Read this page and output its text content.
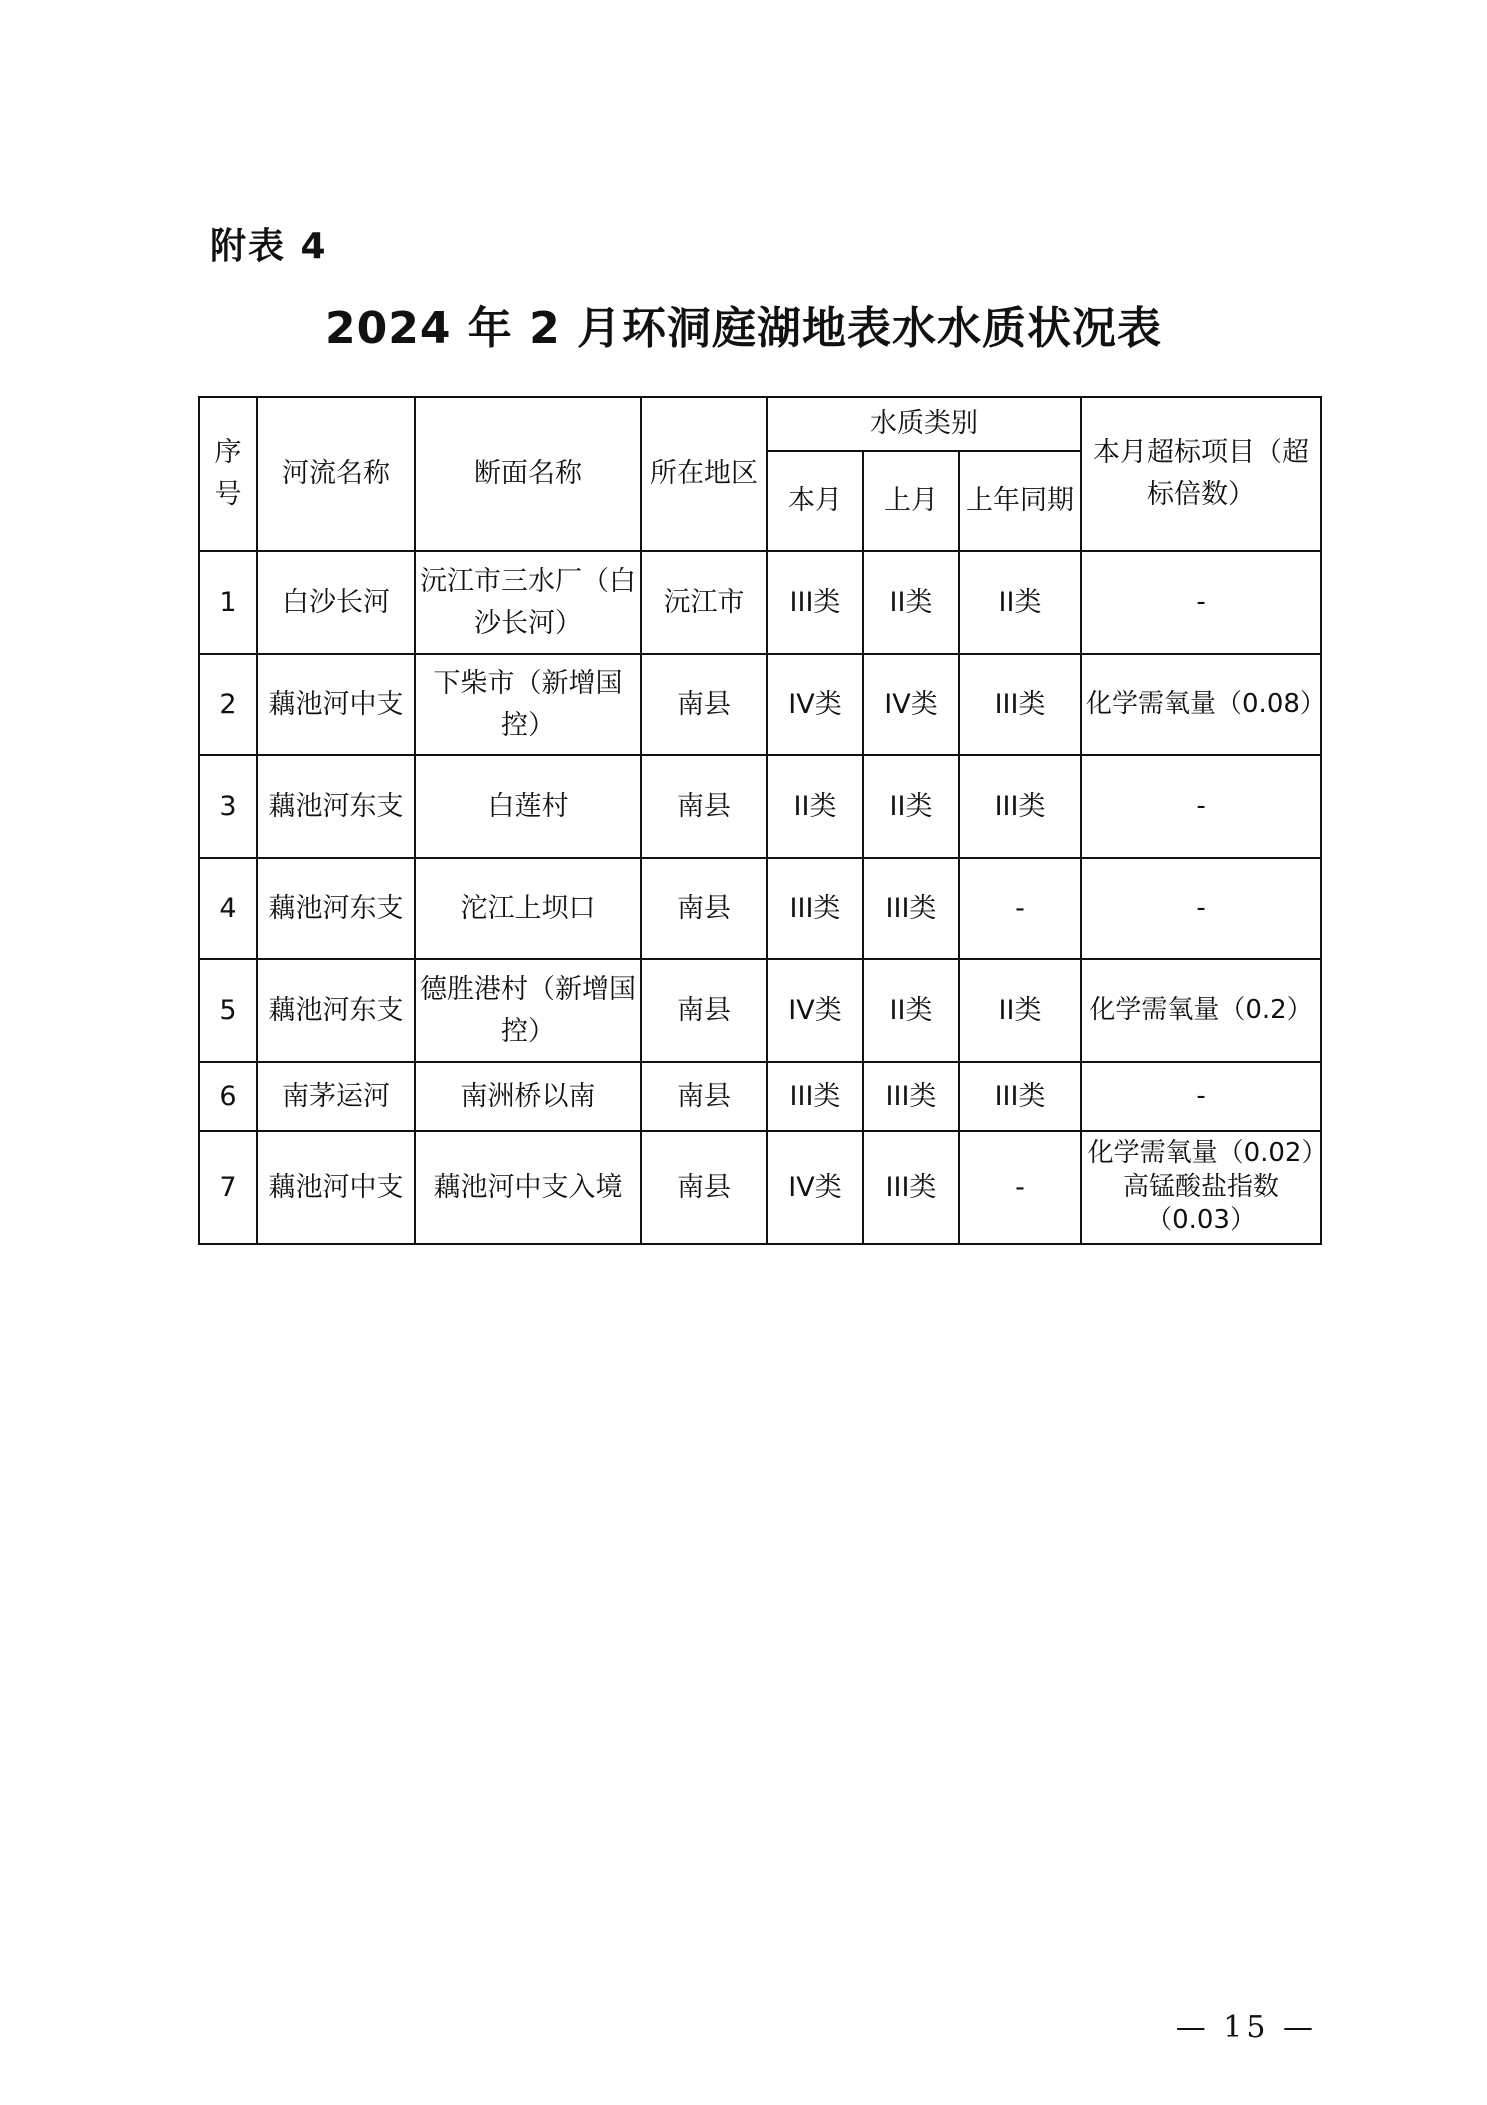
附表 4
2024 年 2 月环洞庭湖地表水水质状况表
序号	河流名称	断面名称	所在地区	水质类别			本月超标项目（超标倍数）
				本月	上月	上年同期	
1	白沙长河	沅江市三水厂（白沙长河）	沅江市	III类	II类	II类	-
2	藕池河中支	下柴市（新增国控）	南县	IV类	IV类	III类	化学需氧量（0.08）
3	藕池河东支	白莲村	南县	II类	II类	III类	-
4	藕池河东支	沱江上坝口	南县	III类	III类	-	-
5	藕池河东支	德胜港村（新增国控）	南县	IV类	II类	II类	化学需氧量（0.2）
6	南茅运河	南洲桥以南	南县	III类	III类	III类	-
7	藕池河中支	藕池河中支入境	南县	IV类	III类	-	化学需氧量（0.02）高锰酸盐指数（0.03）
— 15 —
